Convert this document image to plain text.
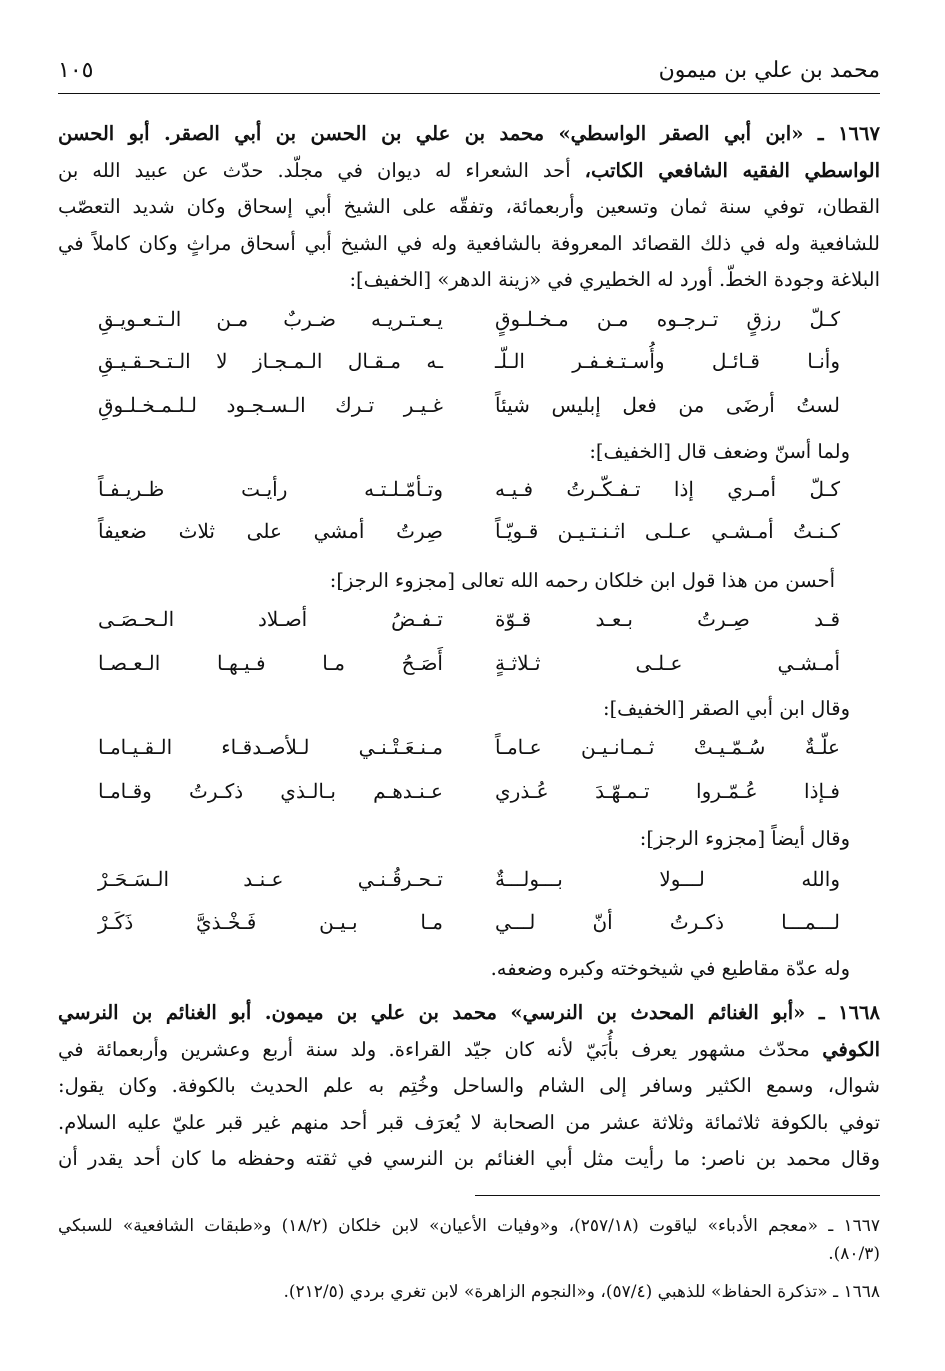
محمد بن علي بن ميمون
١٠٥
١٦٦٧ ـ «ابن أبي الصقر الواسطي» محمد بن علي بن الحسن بن أبي الصقر. أبو الحسن
الواسطي الفقيه الشافعي الكاتب، أحد الشعراء له ديوان في مجلّد. حدّث عن عبيد الله بن
القطان، توفي سنة ثمان وتسعين وأربعمائة، وتفقّه على الشيخ أبي إسحاق وكان شديد التعصّب
للشافعية وله في ذلك القصائد المعروفة بالشافعية وله في الشيخ أبي أسحاق مراثٍ وكان كاملاً في
البلاغة وجودة الخطّ. أورد له الخطيري في «زينة الدهر» [الخفيف]:
كـلّ رزقٍ تـرجـوه مـن مـخـلـوقٍ
يـعـتـريـه ضـربٌ مـن الـتـعـويـقِ
وأنـا قـائـل وأُسـتـغـفـر الـلّـ
ـه مـقـال الـمـجـاز لا الـتـحـقـيـقِ
لستُ أرضَى من فعل إبليس شيئاً
غـيـر تـرك الـسـجـود لـلـمـخـلـوقِ
ولما أسنّ وضعف قال [الخفيف]:
كـلّ أمـري إذا تـفـكّـرتُ فـيـه
وتـأمّـلـتـه رأيـت ظـريـفـاً
كـنـتُ أمـشـي عـلـى اثـنـتـيـن قـويّـاً
صِرتُ أمشي على ثلاث ضعيفاً
أحسن من هذا قول ابن خلكان رحمه الله تعالى [مجزوء الرجز]:
قـد صِـرتُ بـعـد قـوّة
تـفـضُ أصـلاد الـحـصَـى
أمـشـي عـلـى ثـلاثـةٍ
أَصَـحُ مـا فـيـهـا الـعـصـا
وقال ابن أبي الصقر [الخفيف]:
علّـةٌ سُـمّـيـتْ ثـمـانـيـن عـامـاً
مـنـعَـتْـنـي لـلأصـدقـاء الـقـيـامـا
فـإذا عُـمّـروا تـمـهّـدَ عُـذري
عـنـدهـم بـالـذي ذكـرتُ وقـامـا
وقال أيضاً [مجزوء الرجز]:
والله لـــولا بـــولـــةٌ
تـحـرقُـنـي عـنـد الـسَـحَـرْ
لـــمـــا ذكـرتُ أنّ لـــي
مـا بـيـن فَـخْـذيَّ ذَكَـرْ
وله عدّة مقاطيع في شيخوخته وكبره وضعفه.
١٦٦٨ ـ «أبو الغنائم المحدث بن النرسي» محمد بن علي بن ميمون. أبو الغنائم بن النرسي
الكوفي محدّث مشهور يعرف بأُبَيّ لأنه كان جيّد القراءة. ولد سنة أربع وعشرين وأربعمائة في
شوال، وسمع الكثير وسافر إلى الشام والساحل وخُتِم به علم الحديث بالكوفة. وكان يقول:
توفي بالكوفة ثلاثمائة وثلاثة عشر من الصحابة لا يُعرَف قبر أحد منهم غير قبر عليّ عليه السلام.
وقال محمد بن ناصر: ما رأيت مثل أبي الغنائم بن النرسي في ثقته وحفظه ما كان أحد يقدر أن
١٦٦٧ ـ «معجم الأدباء» لياقوت (٢٥٧/١٨)، و«وفيات الأعيان» لابن خلكان (١٨/٢) و«طبقات الشافعية» للسبكي
(٨٠/٣).
١٦٦٨ ـ «تذكرة الحفاظ» للذهبي (٥٧/٤)، و«النجوم الزاهرة» لابن تغري بردي (٢١٢/٥).
